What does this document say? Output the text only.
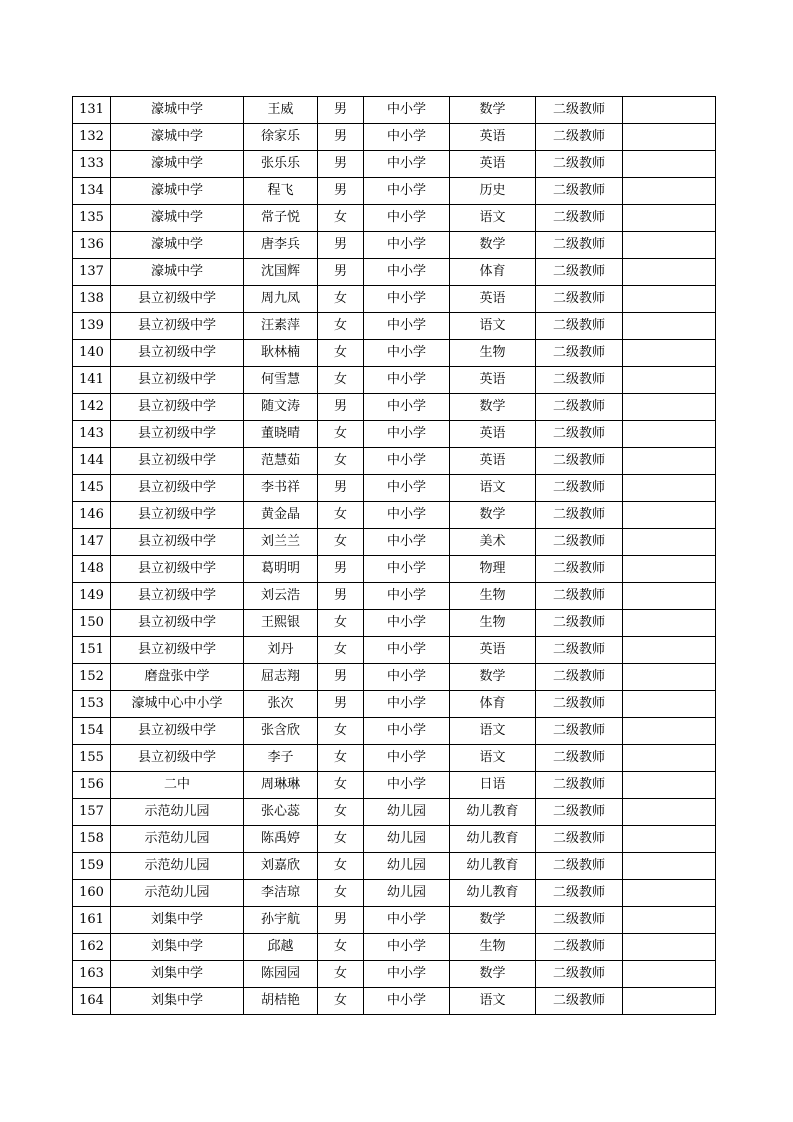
131	濠城中学	王威	男	中小学	数学	二级教师	
132	濠城中学	徐家乐	男	中小学	英语	二级教师	
133	濠城中学	张乐乐	男	中小学	英语	二级教师	
134	濠城中学	程飞	男	中小学	历史	二级教师	
135	濠城中学	常子悦	女	中小学	语文	二级教师	
136	濠城中学	唐李兵	男	中小学	数学	二级教师	
137	濠城中学	沈国辉	男	中小学	体育	二级教师	
138	县立初级中学	周九凤	女	中小学	英语	二级教师	
139	县立初级中学	汪素萍	女	中小学	语文	二级教师	
140	县立初级中学	耿林楠	女	中小学	生物	二级教师	
141	县立初级中学	何雪慧	女	中小学	英语	二级教师	
142	县立初级中学	随文涛	男	中小学	数学	二级教师	
143	县立初级中学	董晓晴	女	中小学	英语	二级教师	
144	县立初级中学	范慧茹	女	中小学	英语	二级教师	
145	县立初级中学	李书祥	男	中小学	语文	二级教师	
146	县立初级中学	黄金晶	女	中小学	数学	二级教师	
147	县立初级中学	刘兰兰	女	中小学	美术	二级教师	
148	县立初级中学	葛明明	男	中小学	物理	二级教师	
149	县立初级中学	刘云浩	男	中小学	生物	二级教师	
150	县立初级中学	王熙银	女	中小学	生物	二级教师	
151	县立初级中学	刘丹	女	中小学	英语	二级教师	
152	磨盘张中学	屈志翔	男	中小学	数学	二级教师	
153	濠城中心中小学	张次	男	中小学	体育	二级教师	
154	县立初级中学	张含欣	女	中小学	语文	二级教师	
155	县立初级中学	李子	女	中小学	语文	二级教师	
156	二中	周琳琳	女	中小学	日语	二级教师	
157	示范幼儿园	张心蕊	女	幼儿园	幼儿教育	二级教师	
158	示范幼儿园	陈禹婷	女	幼儿园	幼儿教育	二级教师	
159	示范幼儿园	刘嘉欣	女	幼儿园	幼儿教育	二级教师	
160	示范幼儿园	李洁琼	女	幼儿园	幼儿教育	二级教师	
161	刘集中学	孙宇航	男	中小学	数学	二级教师	
162	刘集中学	邱越	女	中小学	生物	二级教师	
163	刘集中学	陈园园	女	中小学	数学	二级教师	
164	刘集中学	胡桔艳	女	中小学	语文	二级教师	
